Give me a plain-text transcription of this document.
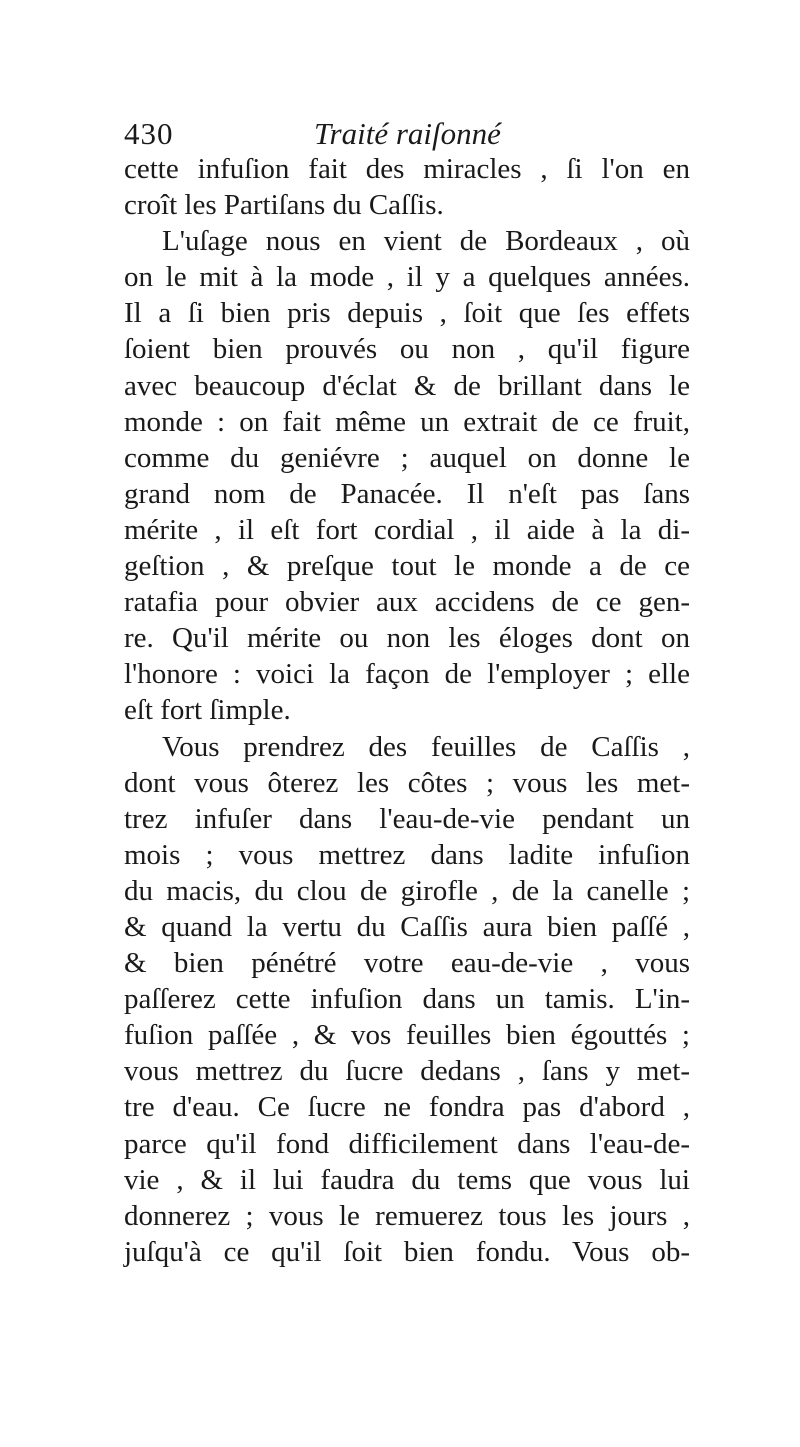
430	Traité raiſonné
cette infuſion fait des miracles , ſi l'on en
croît les Partiſans du Caſſis.
L'uſage nous en vient de Bordeaux , où
on le mit à la mode , il y a quelques années.
Il a ſi bien pris depuis , ſoit que ſes effets
ſoient bien prouvés ou non , qu'il figure
avec beaucoup d'éclat & de brillant dans le
monde : on fait même un extrait de ce fruit,
comme du geniévre ; auquel on donne le
grand nom de Panacée. Il n'eſt pas ſans
mérite , il eſt fort cordial , il aide à la di-
geſtion , & preſque tout le monde a de ce
ratafia pour obvier aux accidens de ce gen-
re. Qu'il mérite ou non les éloges dont on
l'honore : voici la façon de l'employer ; elle
eſt fort ſimple.
Vous prendrez des feuilles de Caſſis ,
dont vous ôterez les côtes ; vous les met-
trez infuſer dans l'eau-de-vie pendant un
mois ; vous mettrez dans ladite infuſion
du macis, du clou de girofle , de la canelle ;
& quand la vertu du Caſſis aura bien paſſé ,
& bien pénétré votre eau-de-vie , vous
paſſerez cette infuſion dans un tamis. L'in-
fuſion paſſée , & vos feuilles bien égouttés ;
vous mettrez du ſucre dedans , ſans y met-
tre d'eau. Ce ſucre ne fondra pas d'abord ,
parce qu'il fond difficilement dans l'eau-de-
vie , & il lui faudra du tems que vous lui
donnerez ; vous le remuerez tous les jours ,
juſqu'à ce qu'il ſoit bien fondu. Vous ob-
